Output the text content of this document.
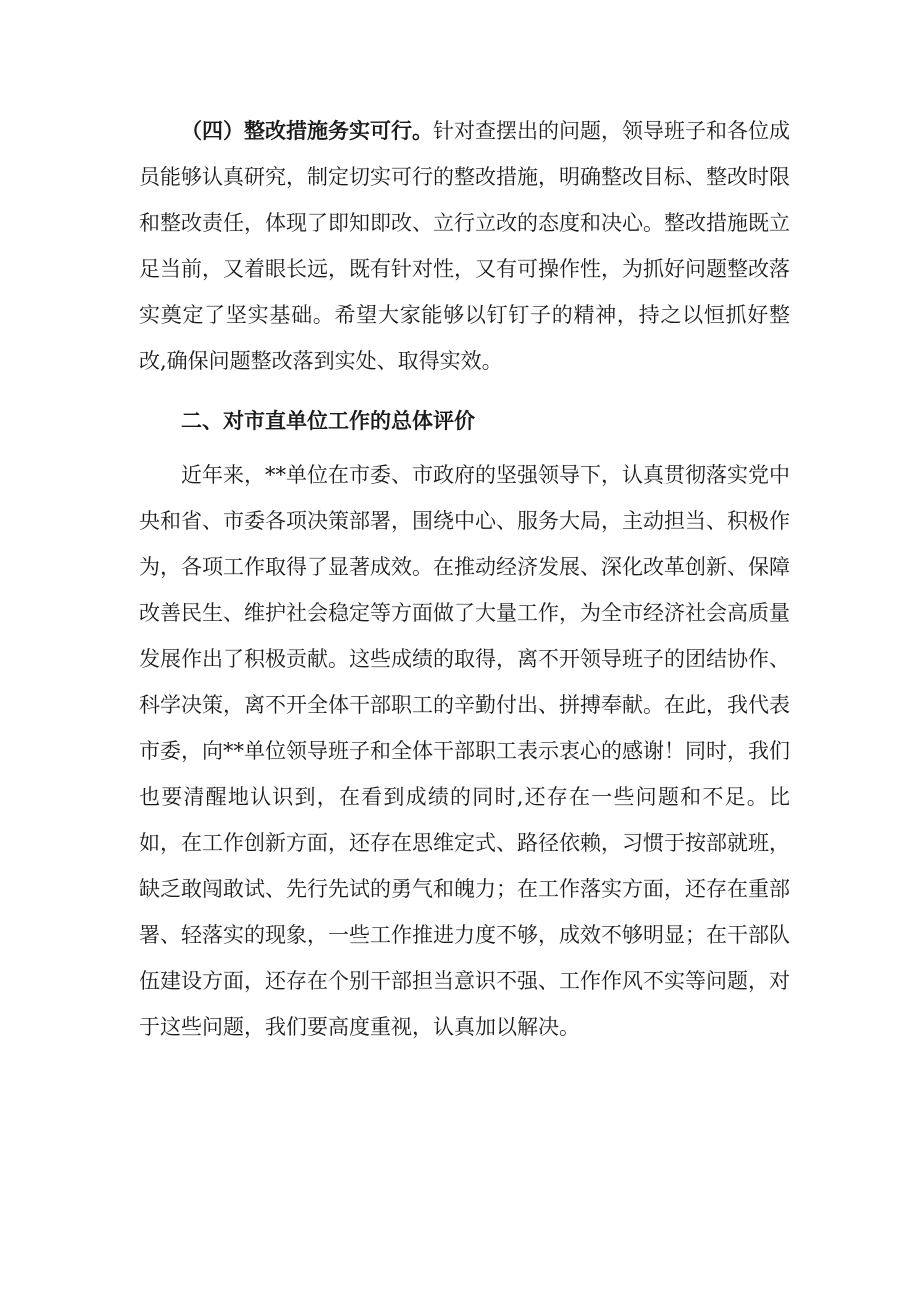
（四）整改措施务实可行。针对查摆出的问题，领导班子和各位成员能够认真研究，制定切实可行的整改措施，明确整改目标、整改时限和整改责任，体现了即知即改、立行立改的态度和决心。整改措施既立足当前，又着眼长远，既有针对性，又有可操作性，为抓好问题整改落实奠定了坚实基础。希望大家能够以钉钉子的精神，持之以恒抓好整改,确保问题整改落到实处、取得实效。

二、对市直单位工作的总体评价

近年来，**单位在市委、市政府的坚强领导下，认真贯彻落实党中央和省、市委各项决策部署，围绕中心、服务大局，主动担当、积极作为，各项工作取得了显著成效。在推动经济发展、深化改革创新、保障改善民生、维护社会稳定等方面做了大量工作，为全市经济社会高质量发展作出了积极贡献。这些成绩的取得，离不开领导班子的团结协作、科学决策，离不开全体干部职工的辛勤付出、拼搏奉献。在此，我代表市委，向**单位领导班子和全体干部职工表示衷心的感谢！同时，我们也要清醒地认识到，在看到成绩的同时,还存在一些问题和不足。比如，在工作创新方面，还存在思维定式、路径依赖，习惯于按部就班，缺乏敢闯敢试、先行先试的勇气和魄力；在工作落实方面，还存在重部署、轻落实的现象，一些工作推进力度不够，成效不够明显；在干部队伍建设方面，还存在个别干部担当意识不强、工作作风不实等问题，对于这些问题，我们要高度重视，认真加以解决。
